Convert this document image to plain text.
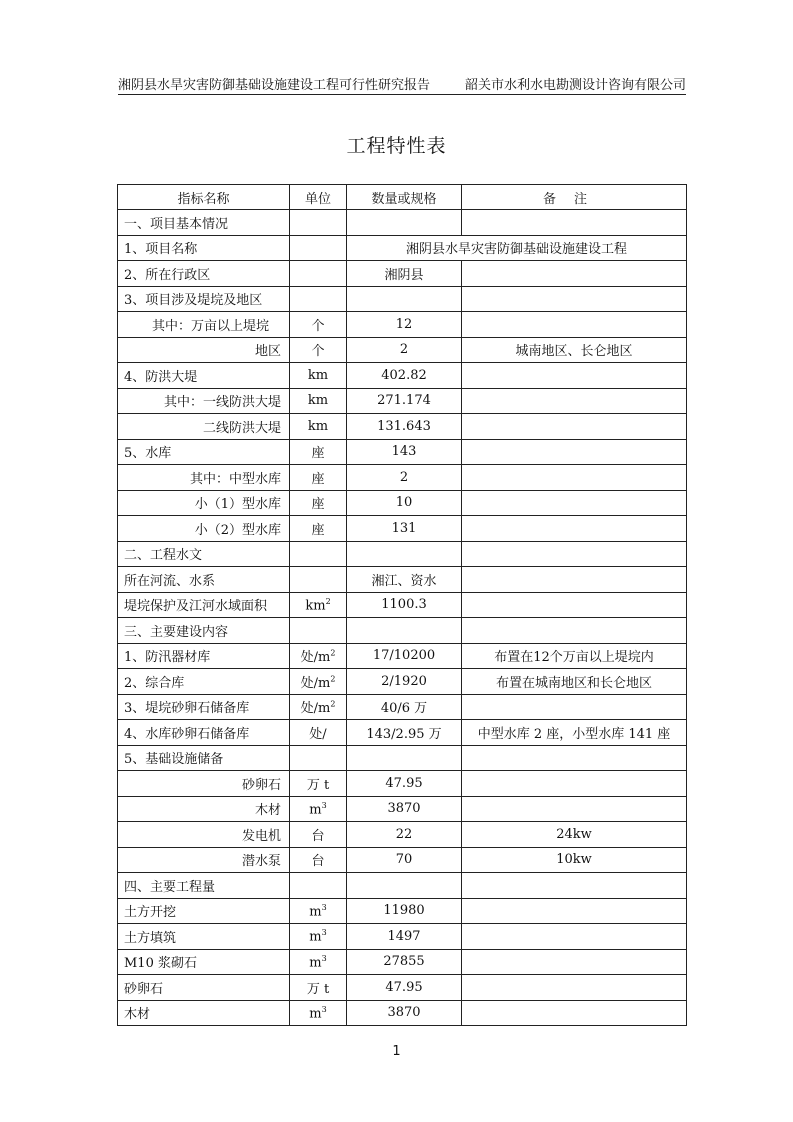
湘阴县水旱灾害防御基础设施建设工程可行性研究报告	韶关市水利水电勘测设计咨询有限公司
工程特性表
指标名称	单位	数量或规格	备注
一、项目基本情况			
1、项目名称		湘阴县水旱灾害防御基础设施建设工程	
2、所在行政区		湘阴县	
3、项目涉及堤垸及地区			
其中：万亩以上堤垸	个	12	
地区	个	2	城南地区、长仑地区
4、防洪大堤	km	402.82	
其中：一线防洪大堤	km	271.174	
二线防洪大堤	km	131.643	
5、水库	座	143	
其中：中型水库	座	2	
小（1）型水库	座	10	
小（2）型水库	座	131	
二、工程水文			
所在河流、水系		湘江、资水	
堤垸保护及江河水域面积	$km^2$	1100.3	
三、主要建设内容			
1、防汛器材库	处$/m^2$	17/10200	布置在12个万亩以上堤垸内
2、综合库	处$/m^2$	2/1920	布置在城南地区和长仑地区
3、堤垸砂卵石储备库	处$/m^2$	40/6 万	
4、水库砂卵石储备库	处/	143/2.95 万	中型水库 2 座，小型水库 141 座
5、基础设施储备			
砂卵石	万 t	47.95	
木材	$m^3$	3870	
发电机	台	22	24kw
潜水泵	台	70	10kw
四、主要工程量			
土方开挖	$m^3$	11980	
土方填筑	$m^3$	1497	
M10 浆砌石	$m^3$	27855	
砂卵石	万 t	47.95	
木材	$m^3$	3870	
1
